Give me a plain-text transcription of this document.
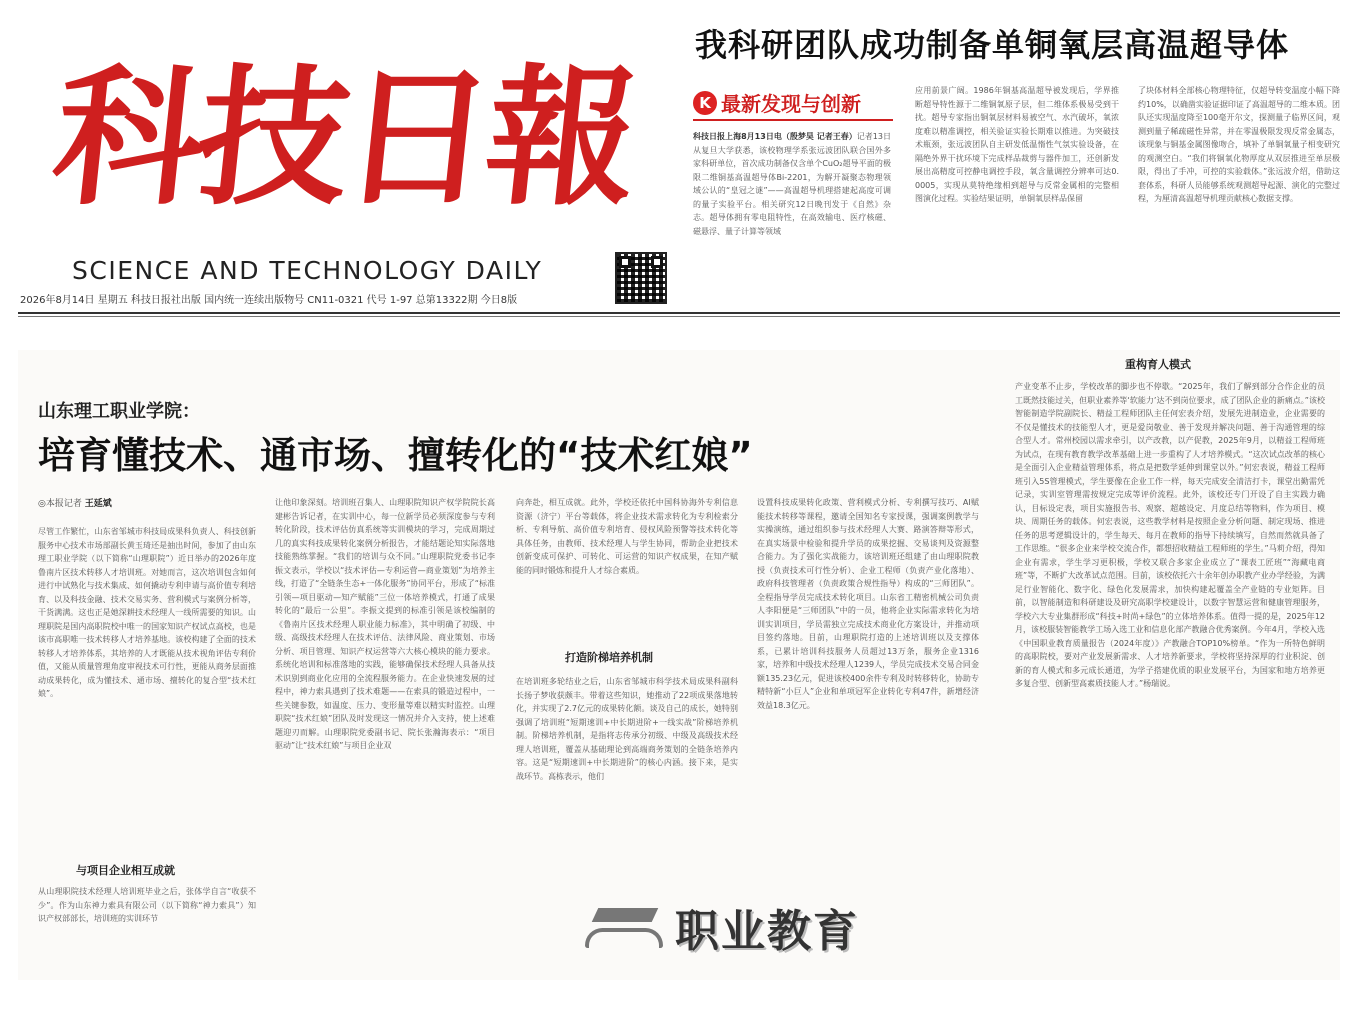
科技日報
SCIENCE AND TECHNOLOGY DAILY
2026年8月14日 星期五 科技日报社出版 国内统一连续出版物号 CN11-0321 代号 1-97 总第13322期 今日8版
我科研团队成功制备单铜氧层高温超导体
K 最新发现与创新
科技日报上海8月13日电（殷梦昊 记者王春）记者13日从复旦大学获悉，该校物理学系张远波团队联合国外多家科研单位，首次成功制备仅含单个CuO₂超导平面的极限二维铜基高温超导体Bi-2201，为解开凝聚态物理领域公认的“皇冠之谜”——高温超导机理搭建起高度可调的量子实验平台。相关研究12日晚刊发于《自然》杂志。超导体拥有零电阻特性，在高效输电、医疗核磁、磁悬浮、量子计算等领域
应用前景广阔。1986年铜基高温超导被发现后，学界推断超导特性源于二维铜氧原子层，但二维体系极易受到干扰。超导专家指出铜氧层材料易被空气、水汽破坏，氧浓度难以精准调控，相关验证实验长期难以推进。为突破技术瓶颈，张远波团队自主研发低温惰性气氛实验设备，在隔绝外界干扰环境下完成样品裁剪与器件加工，还创新发展出高精度可控静电调控手段，氧含量调控分辨率可达0.0005，实现从莫特绝缘相到超导与反常金属相的完整相图演化过程。实验结果证明，单铜氧层样品保留
了块体材料全部核心物理特征，仅超导转变温度小幅下降约10%，以确凿实验证据印证了高温超导的二维本质。团队还实现温度降至100毫开尔文，探测量子临界区间，观测到量子稀疏磁性异常，并在零温极限发现反常金属态，该现象与铜基金属图像吻合，填补了单铜氧量子相变研究的观测空白。“我们将铜氧化物厚度从双层推进至单层极限，得出了手冲，可控的实验载体。”张远波介绍，借助这套体系，科研人员能够系统观测超导起源、演化的完整过程，为厘清高温超导机理贡献核心数据支撑。
山东理工职业学院：
培育懂技术、通市场、擅转化的“技术红娘”
◎本报记者 王延斌
尽管工作繁忙，山东省邹城市科技局成果科负责人、科技创新服务中心技术市场部副长黄玉琦还是抽出时间，参加了由山东理工职业学院（以下简称“山理职院”）近日举办的2026年度鲁南片区技术转移人才培训班。对她而言，这次培训包含如何进行中试熟化与技术集成、如何撬动专利申请与高价值专利培育、以及科技金融、技术交易实务、营利模式与案例分析等，干货满满。这也正是她深耕技术经理人一线所需要的知识。山理职院是国内高职院校中唯一的国家知识产权试点高校，也是该市高职唯一技术转移人才培养基地。该校构建了全面的技术转移人才培养体系，其培养的人才既能从技术视角评估专利价值，又能从质量管理角度审视技术可行性，更能从商务层面推动成果转化，成为懂技术、通市场、擅转化的复合型“技术红娘”。
与项目企业相互成就
从山理职院技术经理人培训班毕业之后，张体学自言“收获不少”。作为山东神力索具有限公司（以下简称“神力索具”）知识产权部部长，培训班的实训环节
让他印象深刻。培训班召集人、山理职院知识产权学院院长高建彬告诉记者，在实训中心，每一位新学员必须深度参与专利转化阶段，技术评估仿真系统等实训模块的学习，完成周期过几的真实科技成果转化案例分析报告，才能结题论知实际落地技能熟练掌握。“我们的培训与众不同。”山理职院党委书记李振文表示，学校以“技术评估—专利运营—商业策划”为培养主线，打造了“全链条生态+一体化服务”协同平台，形成了“标准引领—项目驱动—知产赋能”三位一体培养模式，打通了成果转化的“最后一公里”。李振文提到的标准引领是该校编制的《鲁南片区技术经理人职业能力标准》，其中明确了初级、中级、高级技术经理人在技术评估、法律风险、商业策划、市场分析、项目管理、知识产权运营等六大核心模块的能力要求。系统化培训和标准落地的实践，能够确保技术经理人具备从技术识别到商业化应用的全流程服务能力。在企业快速发展的过程中，神力索具遇到了技术难题——在索具的锻造过程中，一些关键参数，如温度、压力、变形量等难以精实时监控。山理职院“技术红娘”团队及时发现这一情况并介入支持，使上述难题迎刃而解。山理职院党委副书记、院长张瀚海表示：“项目驱动”让“技术红娘”与项目企业双
向奔赴，相互成就。此外，学校还依托中国科协海外专利信息资源（济宁）平台等载体，将企业技术需求转化为专利检索分析、专利导航、高价值专利培育、侵权风险预警等技术转化等具体任务，由教师、技术经理人与学生协同，帮助企业把技术创新变成可保护、可转化、可运营的知识产权成果，在知产赋能的同时锻炼和提升人才综合素质。
打造阶梯培养机制
在培训班多轮结业之后，山东省邹城市科学技术局成果科副科长扬子梦收获颇丰。带着这些知识，她推动了22项成果落地转化，并实现了2.7亿元的成果转化额。谈及自己的成长，她特别强调了培训班“短期速训+中长期进阶+一线实战”阶梯培养机制。阶梯培养机制，是指将志传承分初级、中级及高级技术经理人培训班，覆盖从基础理论到高端商务策划的全链条培养内容。这是“短期速训+中长期进阶”的核心内涵。接下来，是实战环节。高栋表示，他们
设置科技成果转化政策、营利模式分析、专利撰写技巧、AI赋能技术转移等课程，邀请全国知名专家授课，强调案例教学与实操演练，通过组织参与技术经理人大赛、路演答辩等形式，在真实场景中检验和提升学员的成果挖掘、交易谈判及资源整合能力。为了强化实战能力，该培训班还组建了由山理职院教授（负责技术可行性分析）、企业工程师（负责产业化落地）、政府科技管理者（负责政策合规性指导）构成的“三师团队”。全程指导学员完成技术转化项目。山东省工精密机械公司负责人李阳便是“三师团队”中的一员，他将企业实际需求转化为培训实训项目，学员需独立完成技术商业化方案设计，并推动项目签约落地。目前，山理职院打造的上述培训班以及支撑体系，已累计培训科技服务人员超过13万条，服务企业1316家，培养和中级技术经理人1239人，学员完成技术交易合同金额135.23亿元，促进该校400余件专利及时转移转化，协助专精特新“小巨人”企业和单项冠军企业转化专利47件，新增经济效益18.3亿元。
重构育人模式
产业变革不止步，学校改革的脚步也不停歇。“2025年，我们了解到部分合作企业的员工既然技能过关，但职业素养等‘软能力’达不到岗位要求，成了团队企业的新痛点。”该校智能制造学院副院长、精益工程师团队主任何宏表介绍，发展先进制造业，企业需要的不仅是懂技术的技能型人才，更是爱岗敬业、善于发现并解决问题、善于沟通管理的综合型人才。常州校园以需求牵引，以产改教，以产促教，2025年9月，以精益工程师班为试点，在现有教育教学改革基础上进一步重构了人才培养模式。“这次试点改革的核心是全面引入企业精益管理体系，将点是把数学延伸到课堂以外。”何宏表说，精益工程师班引入5S管理模式，学生要像在企业工作一样，每天完成安全清洁打卡，课堂出勤需凭记录，实训室管理需按规定完成等评价流程。此外，该校还专门开设了自主实践力确认，目标设定表，项目实施报告书、观察、超越设定、月度总结等物料，作为项目、模块、周期任务的载体。何宏表说，这些教学材料是按照企业分析问题、制定现场、推进任务的思考逻辑设计的，学生每天、每月在教师的指导下持续填写，自然而然就具备了工作思维。“很多企业来学校交流合作，都想招收精益工程师班的学生。”马莉介绍，得知企业有需求，学生学习更积极，学校又联合多家企业成立了“课表工匠班”“海藏电商班”等，不断扩大改革试点范围。目前，该校依托六十余年创办职教产业办学经验，为满足行业智能化、数字化、绿色化发展需求，加快构建起覆盖全产业链的专业矩阵。目前，以智能制造和科研建设及研究高职学校建设计，以数字智慧运营和健康管理服务，学校六大专业集群形成“科技+时尚+绿色”的立体培养体系。值得一提的是，2025年12月，该校服装智能教学工场入选工业和信息化部产教融合优秀案例。今年4月，学校入选《中国职业教育质量报告（2024年度）》产教融合TOP10%榜单。“作为一所特色鲜明的高职院校，要对产业发展新需求、人才培养新要求，学校将坚持深厚的行业积淀、创新的育人模式和多元成长通道，为学子搭建优质的职业发展平台，为国家和地方培养更多复合型、创新型高素质技能人才。”杨瑞说。
职业教育
